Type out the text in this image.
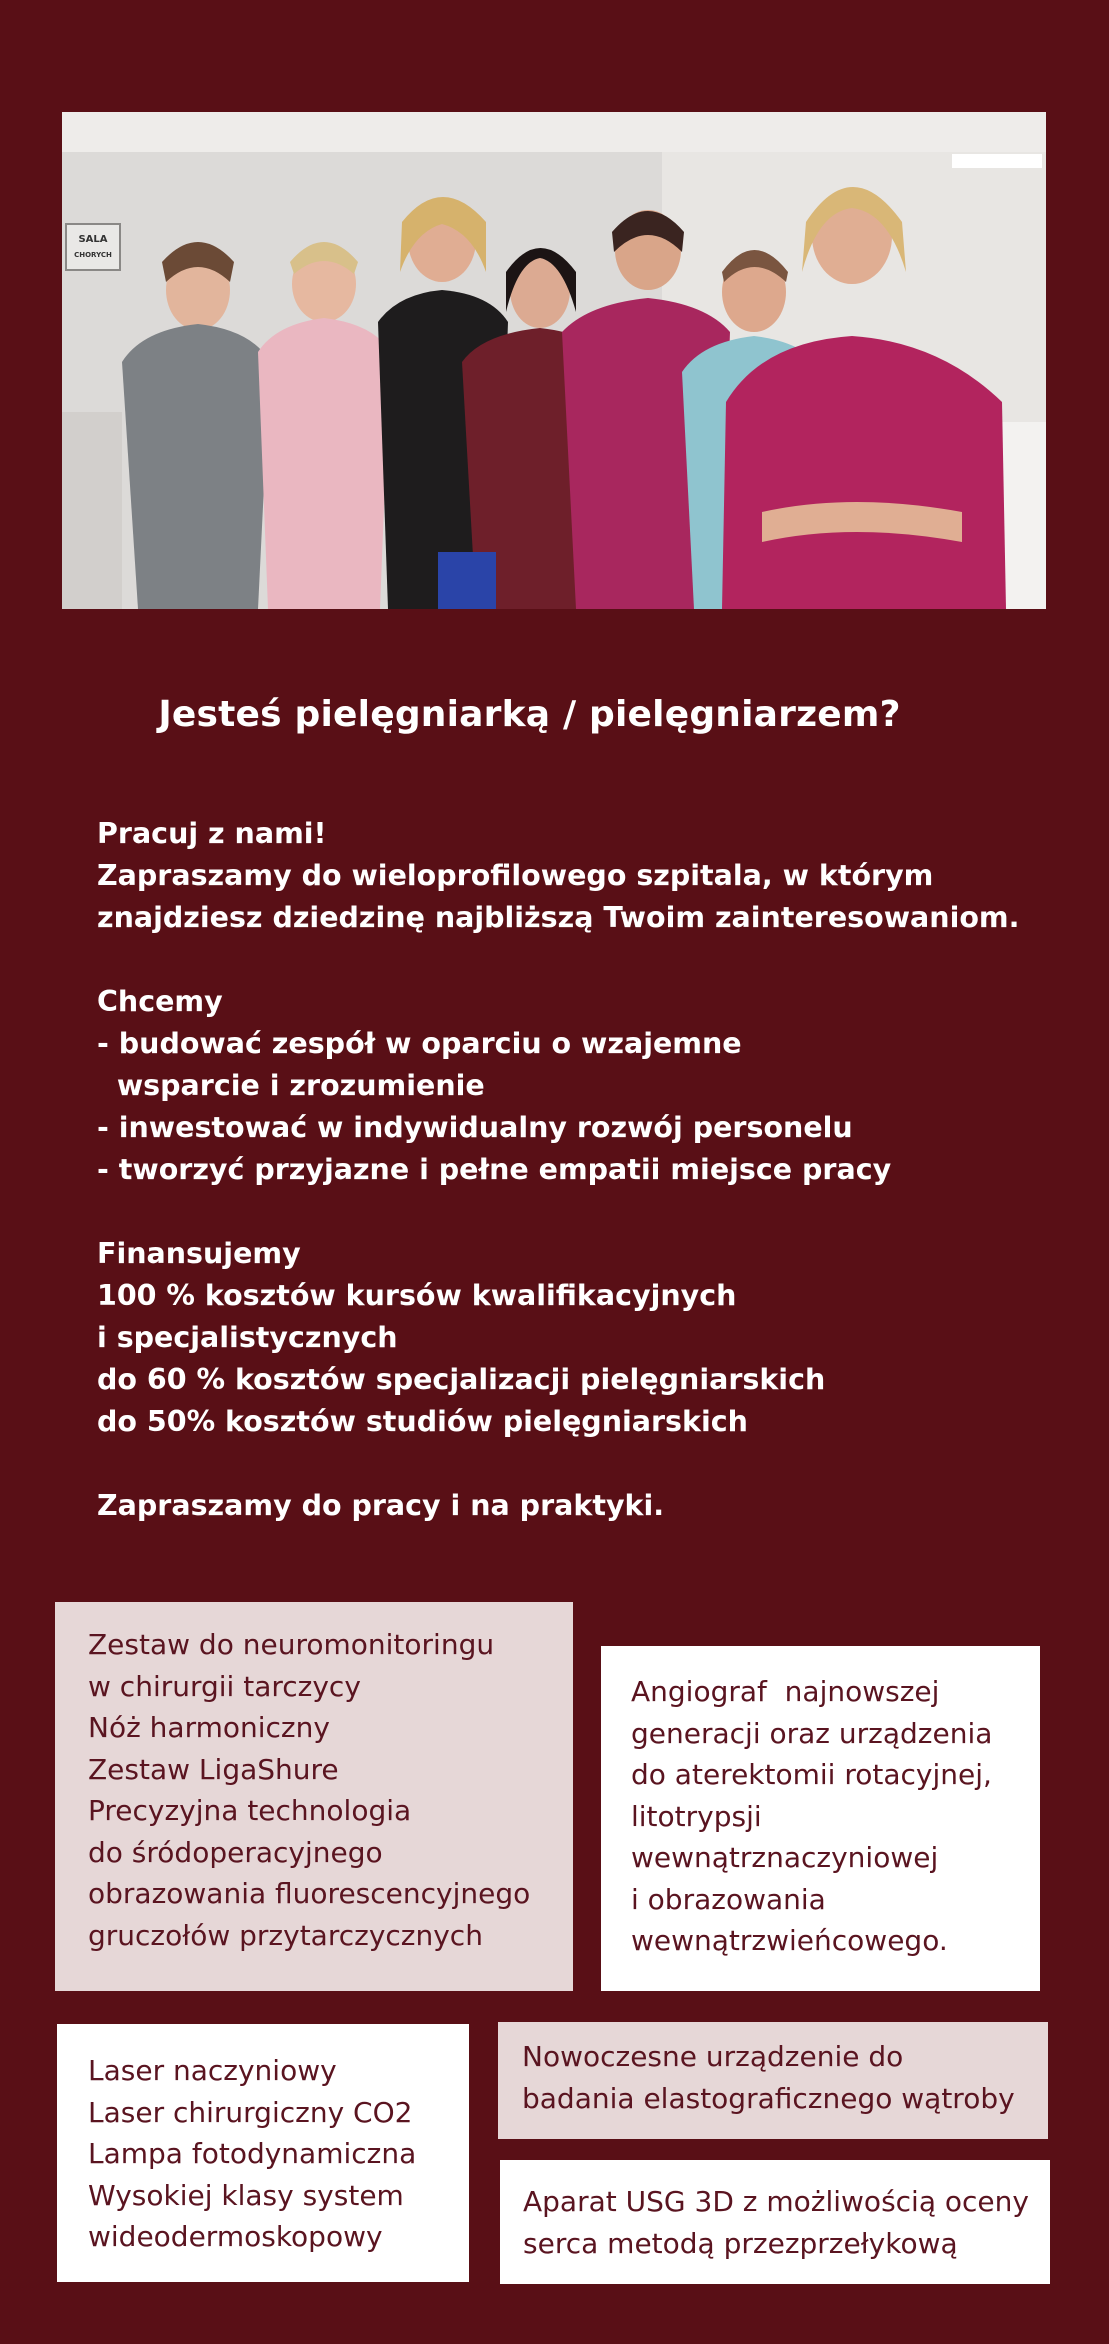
SALA
CHORYCH
Jesteś pielęgniarką / pielęgniarzem?

Pracuj z nami!

Zapraszamy do wieloprofilowego szpitala, w którym

znajdziesz dziedzinę najbliższą Twoim zainteresowaniom.

Chcemy

- budować zespół w oparciu o wzajemne

wsparcie i zrozumienie

- inwestować w indywidualny rozwój personelu

- tworzyć przyjazne i pełne empatii miejsce pracy

Finansujemy

100 % kosztów kursów kwalifikacyjnych

i specjalistycznych

do 60 % kosztów specjalizacji pielęgniarskich

do 50% kosztów studiów pielęgniarskich

Zapraszamy do pracy i na praktyki.

Zestaw do neuromonitoringu

w chirurgii tarczycy

Nóż harmoniczny

Zestaw LigaShure

Precyzyjna technologia

do śródoperacyjnego

obrazowania fluorescencyjnego

gruczołów przytarczycznych

Angiograf  najnowszej

generacji oraz urządzenia

do aterektomii rotacyjnej,

litotrypsji

wewnątrznaczyniowej

i obrazowania

wewnątrzwieńcowego.

Laser naczyniowy

Laser chirurgiczny CO2

Lampa fotodynamiczna

Wysokiej klasy system

wideodermoskopowy

Nowoczesne urządzenie do

badania elastograficznego wątroby

Aparat USG 3D z możliwością oceny

serca metodą przezprzełykową
